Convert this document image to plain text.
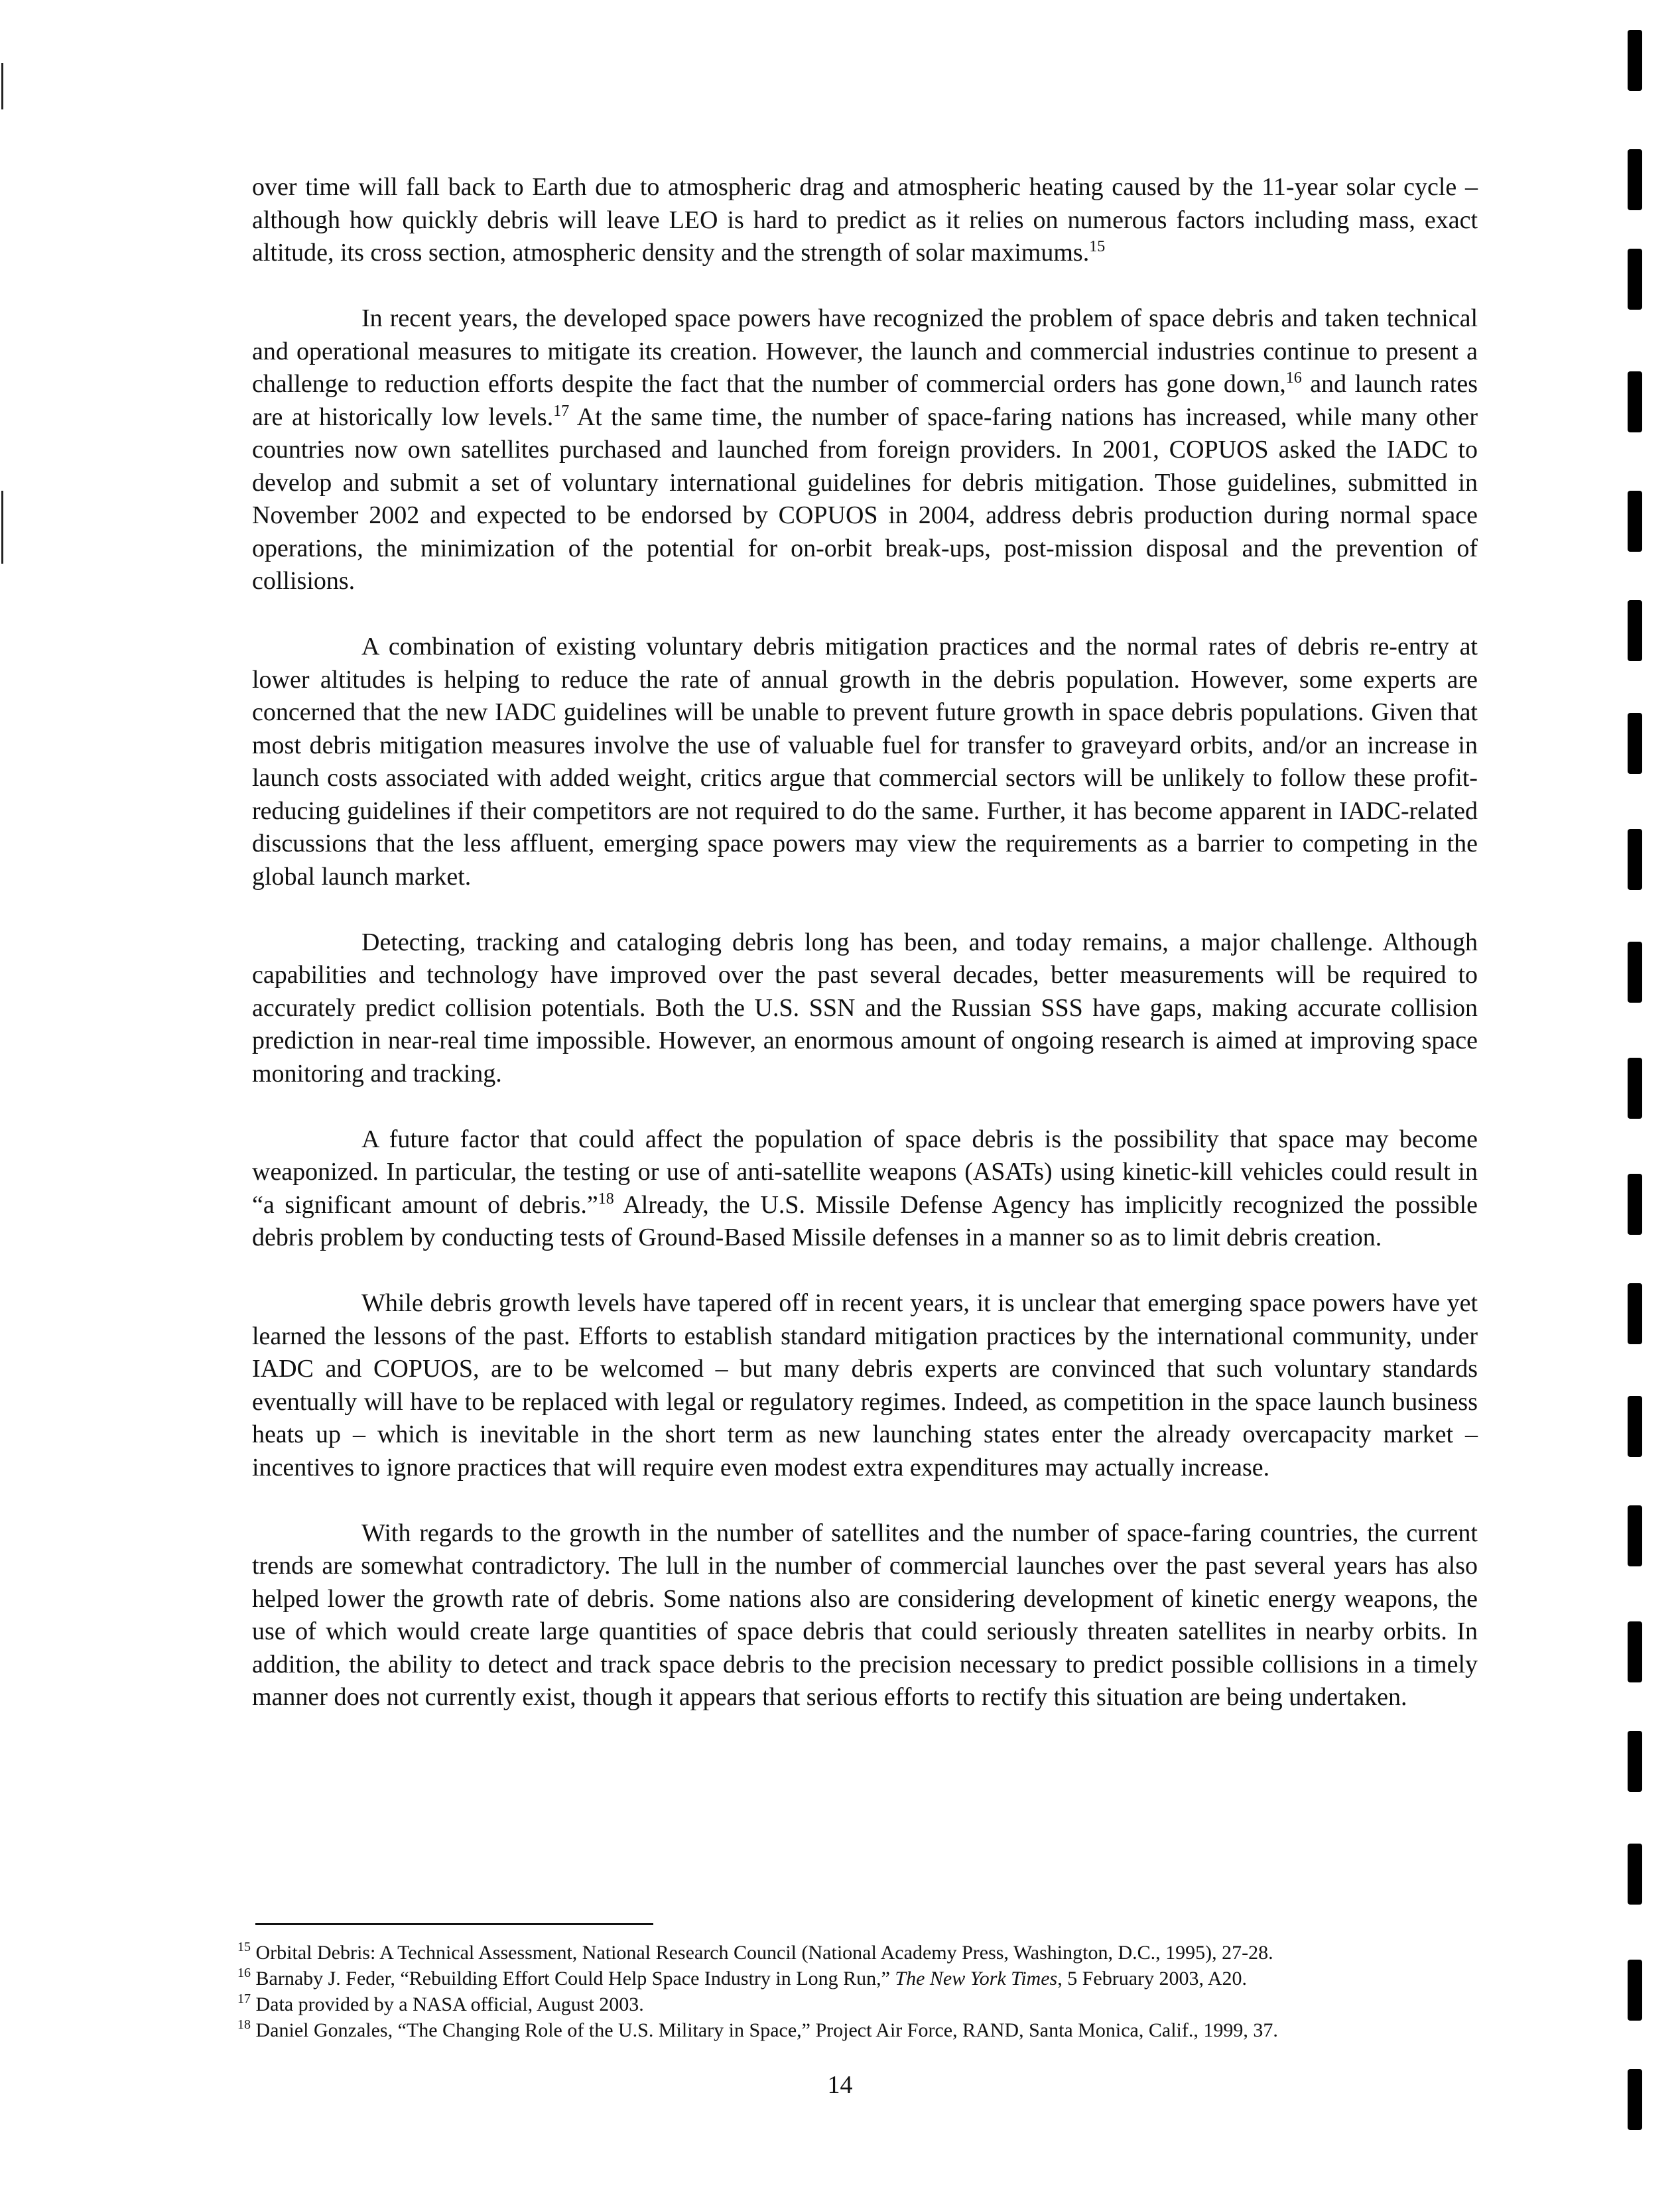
over time will fall back to Earth due to atmospheric drag and atmospheric heating caused by the 11-year solar cycle – although how quickly debris will leave LEO is hard to predict as it relies on numerous factors including mass, exact altitude, its cross section, atmospheric density and the strength of solar maximums.$^{15}$

In recent years, the developed space powers have recognized the problem of space debris and taken technical and operational measures to mitigate its creation. However, the launch and commercial industries continue to present a challenge to reduction efforts despite the fact that the number of commercial orders has gone down,$^{16}$ and launch rates are at historically low levels.$^{17}$ At the same time, the number of space-faring nations has increased, while many other countries now own satellites purchased and launched from foreign providers. In 2001, COPUOS asked the IADC to develop and submit a set of voluntary international guidelines for debris mitigation. Those guidelines, submitted in November 2002 and expected to be endorsed by COPUOS in 2004, address debris production during normal space operations, the minimization of the potential for on-orbit break-ups, post-mission disposal and the prevention of collisions.

A combination of existing voluntary debris mitigation practices and the normal rates of debris re-entry at lower altitudes is helping to reduce the rate of annual growth in the debris population. However, some experts are concerned that the new IADC guidelines will be unable to prevent future growth in space debris populations. Given that most debris mitigation measures involve the use of valuable fuel for transfer to graveyard orbits, and/or an increase in launch costs associated with added weight, critics argue that commercial sectors will be unlikely to follow these profit-reducing guidelines if their competitors are not required to do the same. Further, it has become apparent in IADC-related discussions that the less affluent, emerging space powers may view the requirements as a barrier to competing in the global launch market.

Detecting, tracking and cataloging debris long has been, and today remains, a major challenge. Although capabilities and technology have improved over the past several decades, better measurements will be required to accurately predict collision potentials. Both the U.S. SSN and the Russian SSS have gaps, making accurate collision prediction in near-real time impossible. However, an enormous amount of ongoing research is aimed at improving space monitoring and tracking.

A future factor that could affect the population of space debris is the possibility that space may become weaponized. In particular, the testing or use of anti-satellite weapons (ASATs) using kinetic-kill vehicles could result in “a significant amount of debris.”$^{18}$ Already, the U.S. Missile Defense Agency has implicitly recognized the possible debris problem by conducting tests of Ground-Based Missile defenses in a manner so as to limit debris creation.

While debris growth levels have tapered off in recent years, it is unclear that emerging space powers have yet learned the lessons of the past. Efforts to establish standard mitigation practices by the international community, under IADC and COPUOS, are to be welcomed – but many debris experts are convinced that such voluntary standards eventually will have to be replaced with legal or regulatory regimes. Indeed, as competition in the space launch business heats up – which is inevitable in the short term as new launching states enter the already overcapacity market – incentives to ignore practices that will require even modest extra expenditures may actually increase.

With regards to the growth in the number of satellites and the number of space-faring countries, the current trends are somewhat contradictory. The lull in the number of commercial launches over the past several years has also helped lower the growth rate of debris. Some nations also are considering development of kinetic energy weapons, the use of which would create large quantities of space debris that could seriously threaten satellites in nearby orbits. In addition, the ability to detect and track space debris to the precision necessary to predict possible collisions in a timely manner does not currently exist, though it appears that serious efforts to rectify this situation are being undertaken.

$^{15}$ Orbital Debris: A Technical Assessment, National Research Council (National Academy Press, Washington, D.C., 1995), 27-28.

$^{16}$ Barnaby J. Feder, “Rebuilding Effort Could Help Space Industry in Long Run,” The New York Times, 5 February 2003, A20.

$^{17}$ Data provided by a NASA official, August 2003.

$^{18}$ Daniel Gonzales, “The Changing Role of the U.S. Military in Space,” Project Air Force, RAND, Santa Monica, Calif., 1999, 37.

14
